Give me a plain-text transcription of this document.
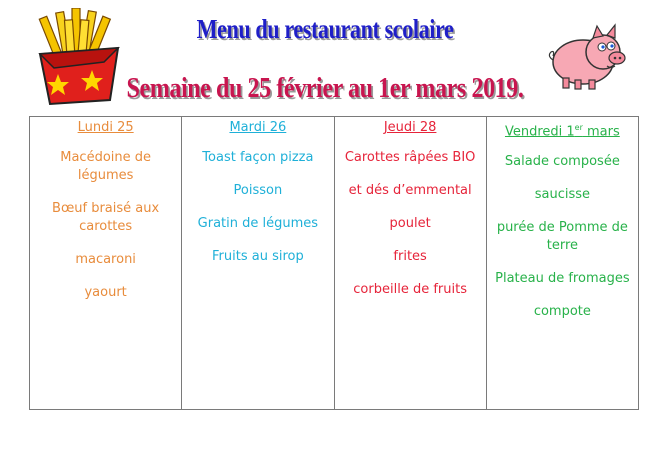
Menu du restaurant scolaire
Semaine du 25 février au 1er mars 2019.
Lundi 25
Macédoine de légumes
Bœuf braisé aux carottes
macaroni
yaourt

Mardi 26
Toast façon pizza
Poisson
Gratin de légumes
Fruits au sirop

Jeudi 28
Carottes râpées BIO
et dés d’emmental
poulet
frites
corbeille de fruits

Vendredi 1er mars
Salade composée
saucisse
purée de Pomme de terre
Plateau de fromages
compote
